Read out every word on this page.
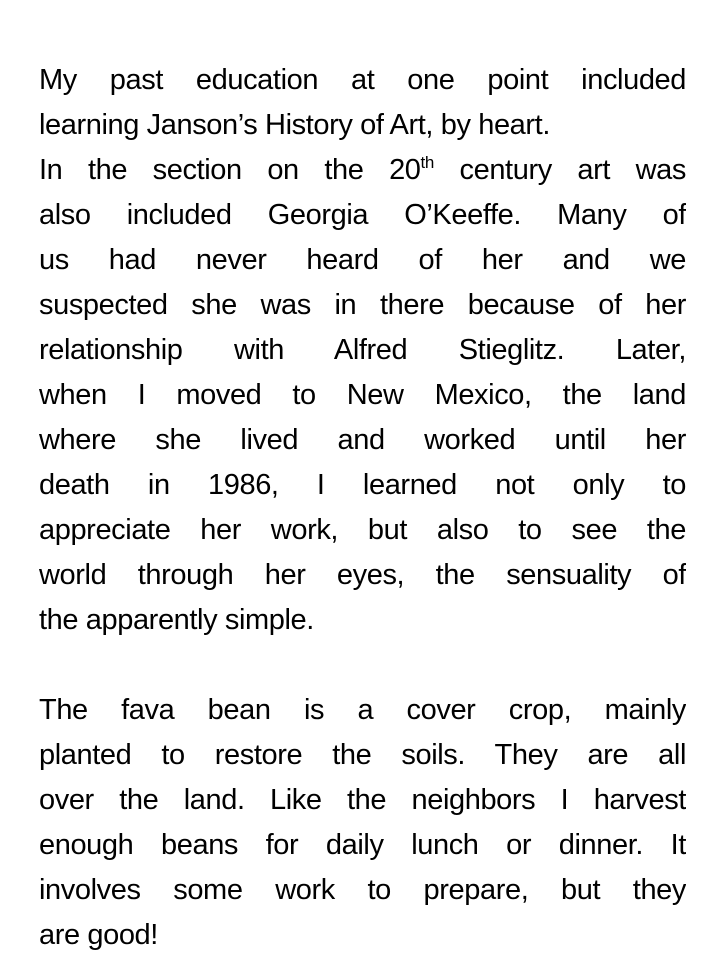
My past education at one point included
learning Janson’s History of Art, by heart.
In the section on the 20th century art was
also included Georgia O’Keeffe. Many of
us had never heard of her and we
suspected she was in there because of her
relationship with Alfred Stieglitz. Later,
when I moved to New Mexico, the land
where she lived and worked until her
death in 1986, I learned not only to
appreciate her work, but also to see the
world through her eyes, the sensuality of
the apparently simple.
The fava bean is a cover crop, mainly
planted to restore the soils. They are all
over the land. Like the neighbors I harvest
enough beans for daily lunch or dinner. It
involves some work to prepare, but they
are good!
